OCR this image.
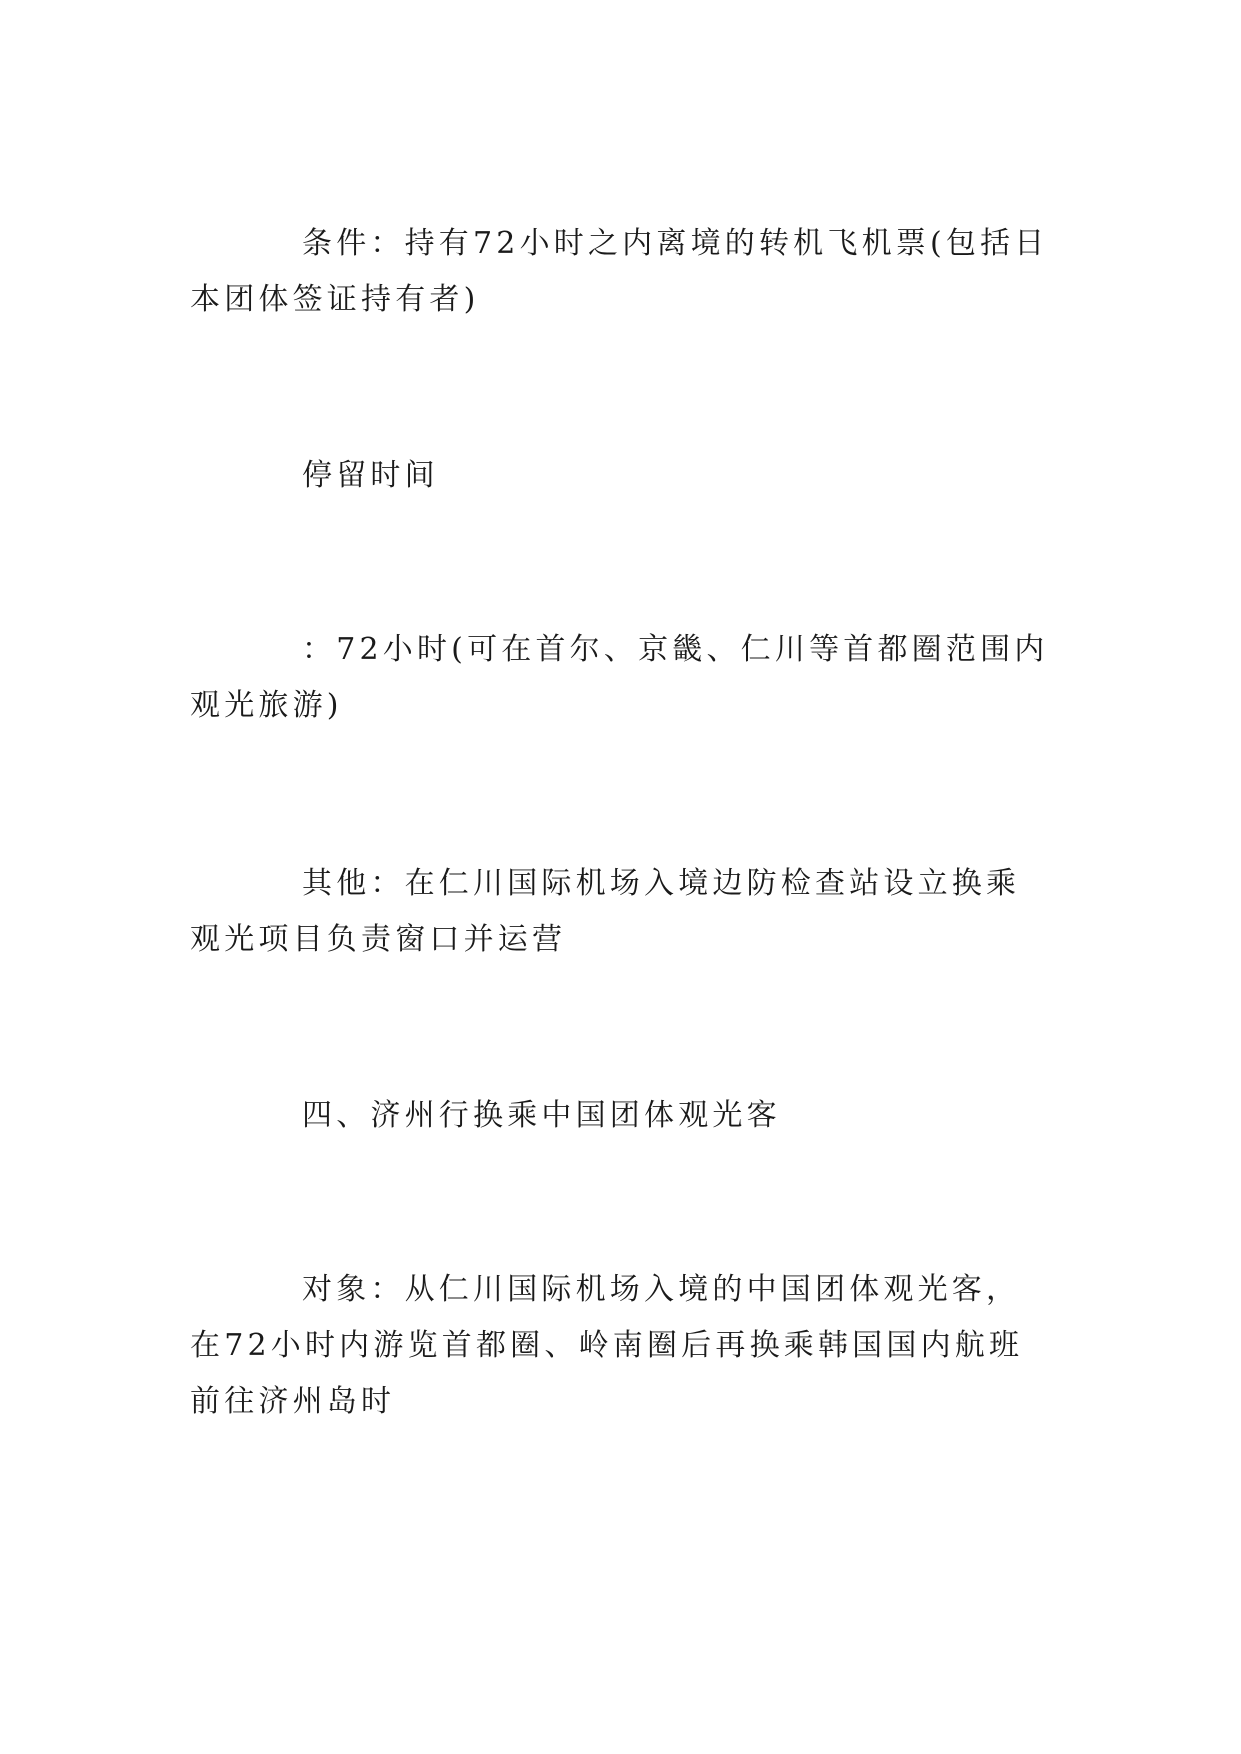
条件：持有72小时之内离境的转机飞机票(包括日本团体签证持有者)

停留时间

：72小时(可在首尔、京畿、仁川等首都圈范围内观光旅游)

其他：在仁川国际机场入境边防检查站设立换乘观光项目负责窗口并运营

四、济州行换乘中国团体观光客

对象：从仁川国际机场入境的中国团体观光客，在72小时内游览首都圈、岭南圈后再换乘韩国国内航班前往济州岛时
